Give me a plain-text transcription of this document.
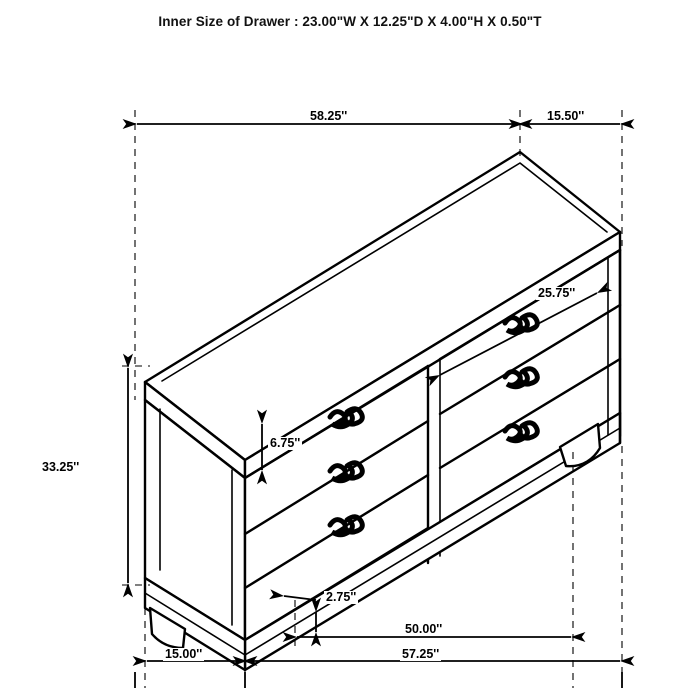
Inner Size of Drawer : 23.00"W X 12.25"D X 4.00"H X 0.50"T
58.25''	15.50''
25.75''
33.25''
6.75''
2.75''
15.00''
50.00''
57.25''
